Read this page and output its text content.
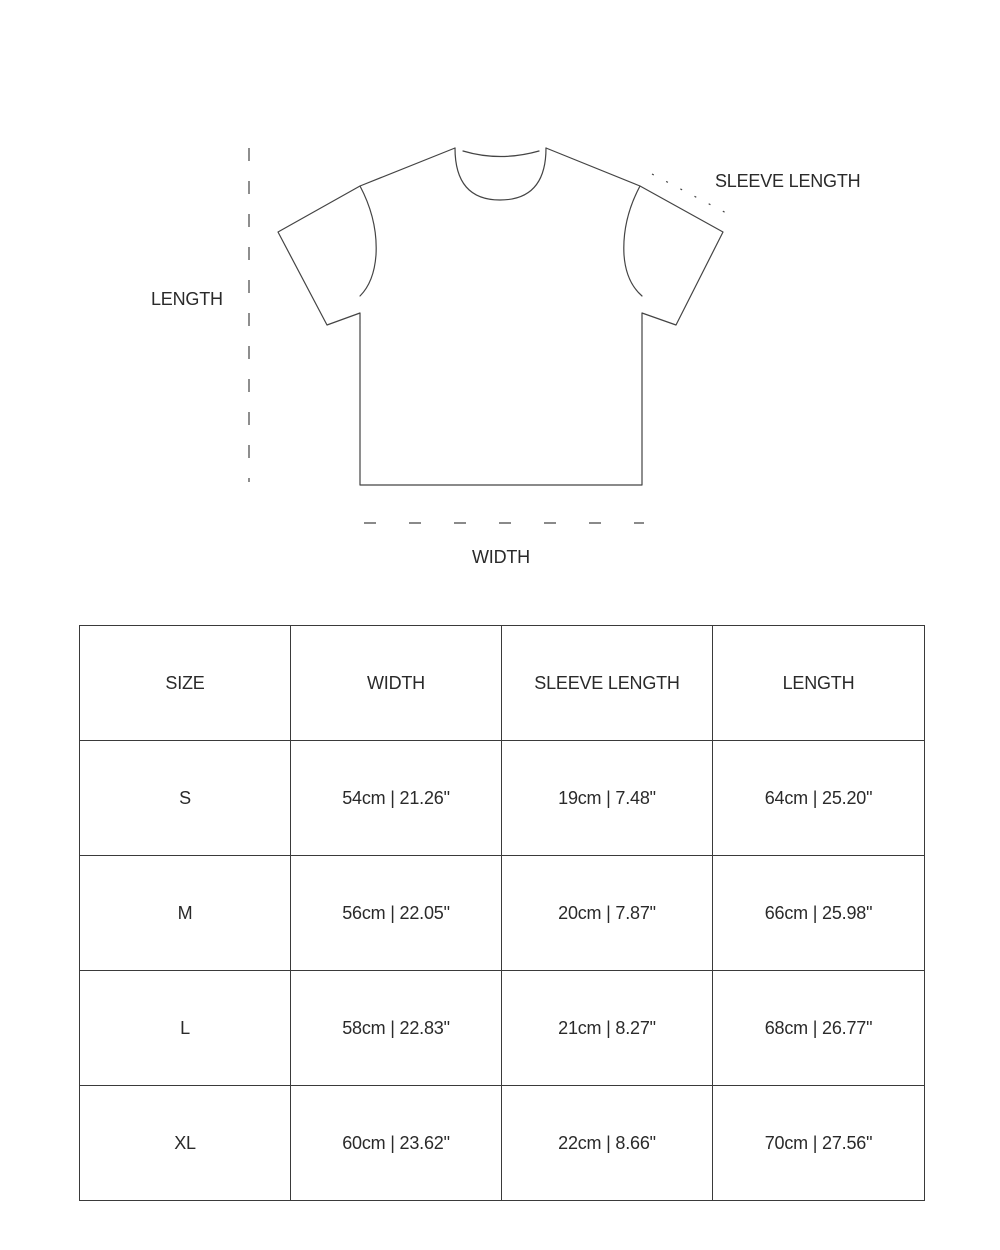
SLEEVE LENGTH
LENGTH
WIDTH
SIZE	WIDTH	SLEEVE LENGTH	LENGTH
S	54cm | 21.26"	19cm | 7.48"	64cm | 25.20"
M	56cm | 22.05"	20cm | 7.87"	66cm | 25.98"
L	58cm | 22.83"	21cm | 8.27"	68cm | 26.77"
XL	60cm | 23.62"	22cm | 8.66"	70cm | 27.56"
